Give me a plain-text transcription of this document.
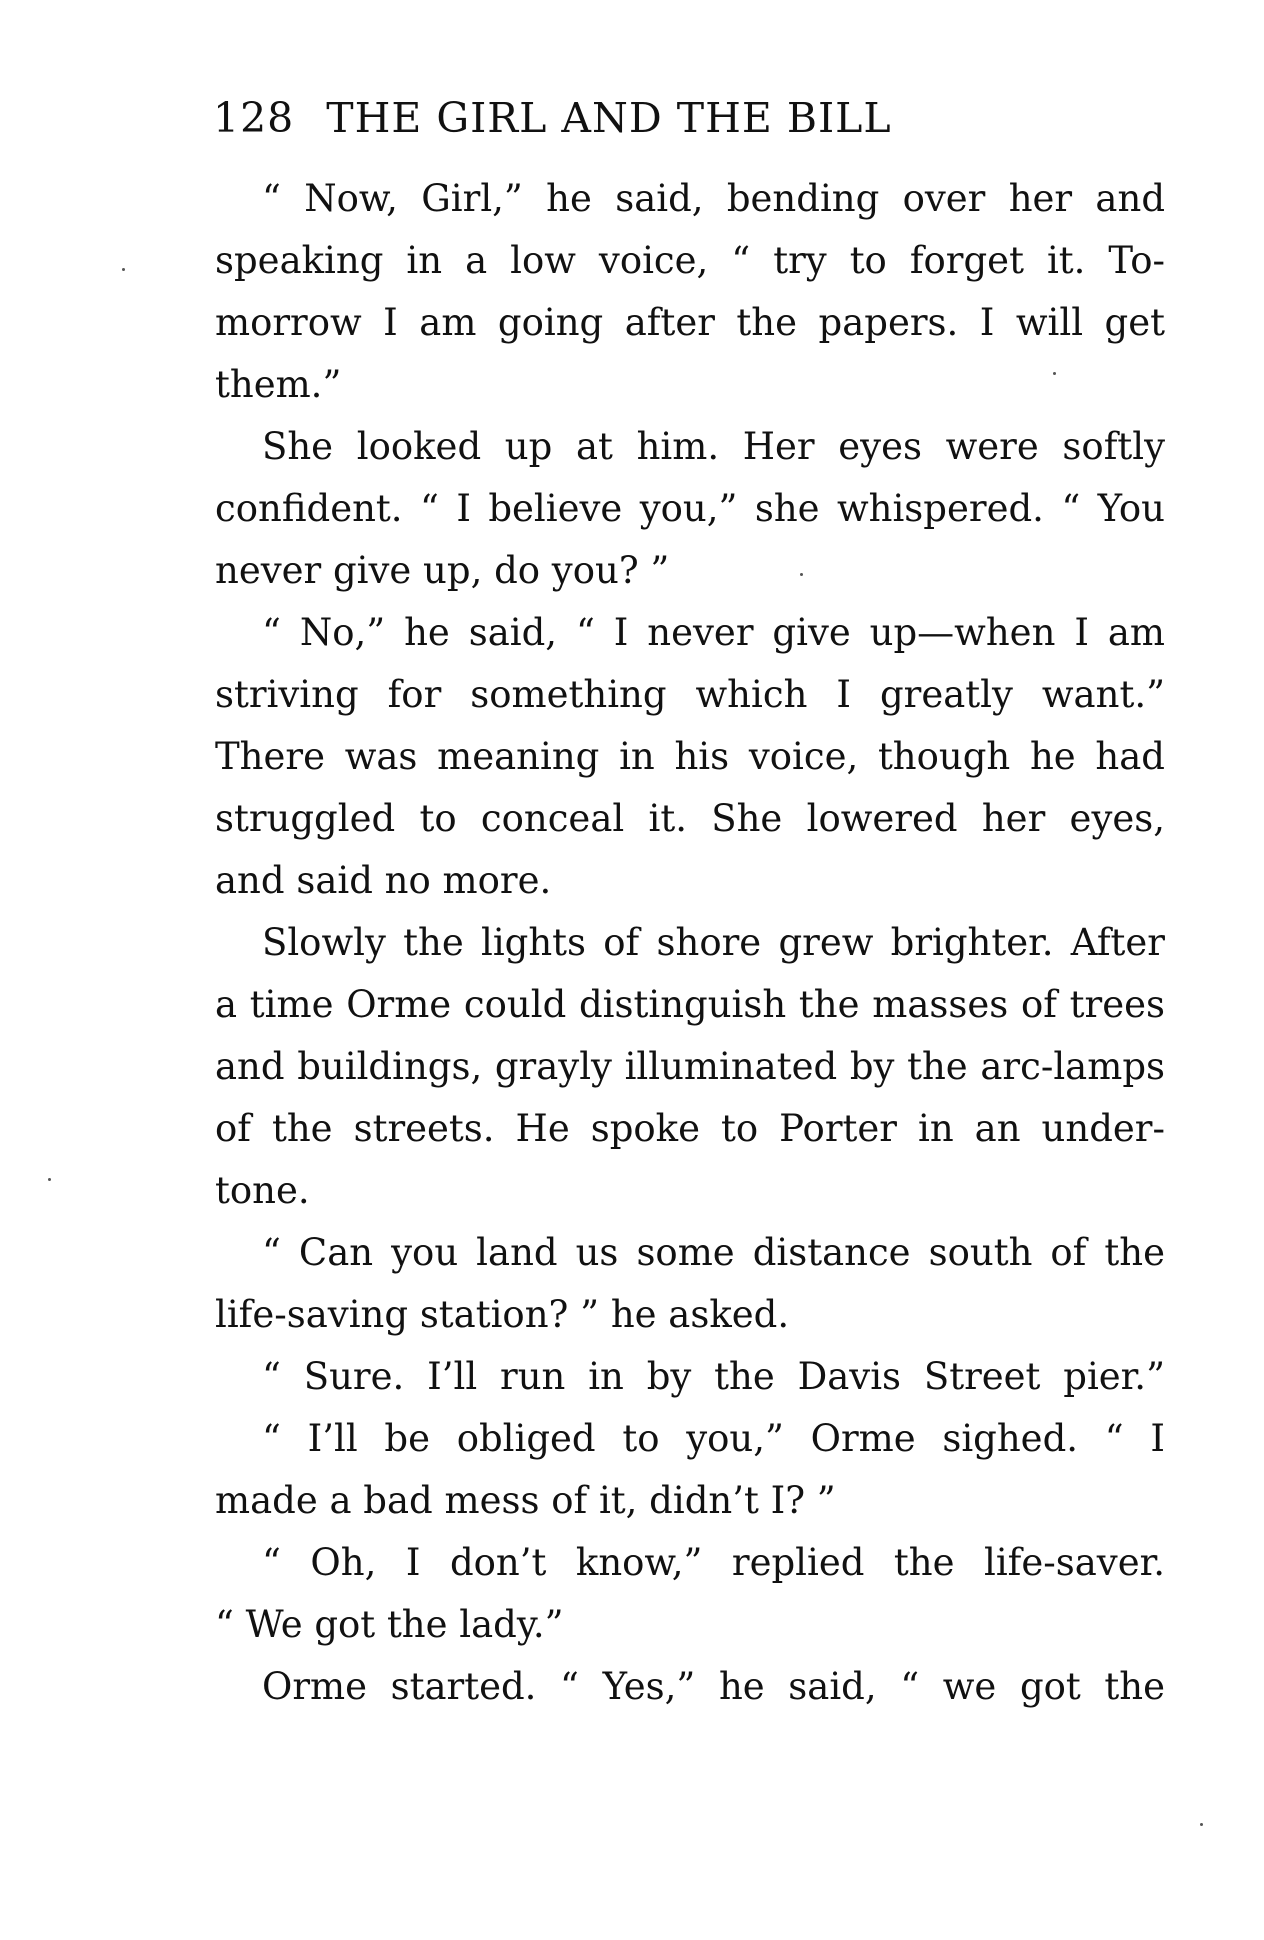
128 THE GIRL AND THE BILL
“ Now, Girl,” he said, bending over her and
speaking in a low voice, “ try to forget it. To-
morrow I am going after the papers. I will get
them.”
She looked up at him. Her eyes were softly
confident. “ I believe you,” she whispered. “ You
never give up, do you? ”
“ No,” he said, “ I never give up—when I am
striving for something which I greatly want.”
There was meaning in his voice, though he had
struggled to conceal it. She lowered her eyes,
and said no more.
Slowly the lights of shore grew brighter. After
a time Orme could distinguish the masses of trees
and buildings, grayly illuminated by the arc-lamps
of the streets. He spoke to Porter in an under-
tone.
“ Can you land us some distance south of the
life-saving station? ” he asked.
“ Sure. I’ll run in by the Davis Street pier.”
“ I’ll be obliged to you,” Orme sighed. “ I
made a bad mess of it, didn’t I? ”
“ Oh, I don’t know,” replied the life-saver.
“ We got the lady.”
Orme started. “ Yes,” he said, “ we got the
